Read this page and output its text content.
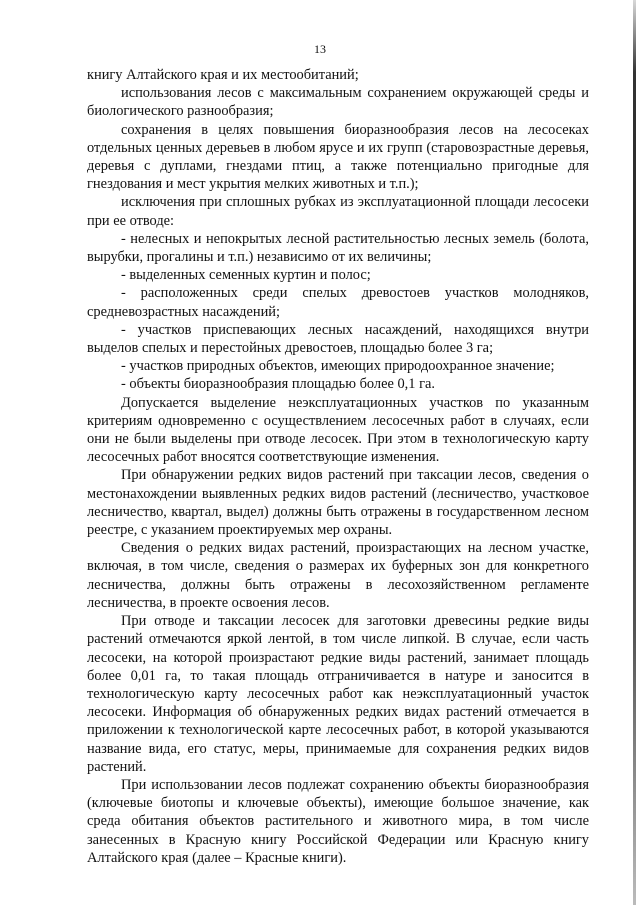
13

книгу Алтайского края и их местообитаний;

использования лесов с максимальным сохранением окружающей среды и биологического разнообразия;

сохранения в целях повышения биоразнообразия лесов на лесосеках отдельных ценных деревьев в любом ярусе и их групп (старовозрастные деревья, деревья с дуплами, гнездами птиц, а также потенциально пригодные для гнездования и мест укрытия мелких животных и т.п.);

исключения при сплошных рубках из эксплуатационной площади лесосеки при ее отводе:

- нелесных и непокрытых лесной растительностью лесных земель (болота, вырубки, прогалины и т.п.) независимо от их величины;

- выделенных семенных куртин и полос;

- расположенных среди спелых древостоев участков молодняков, средневозрастных насаждений;

- участков приспевающих лесных насаждений, находящихся внутри выделов спелых и перестойных древостоев, площадью более 3 га;

- участков природных объектов, имеющих природоохранное значение;

- объекты биоразнообразия площадью более 0,1 га.

Допускается выделение неэксплуатационных участков по указанным критериям одновременно с осуществлением лесосечных работ в случаях, если они не были выделены при отводе лесосек. При этом в технологическую карту лесосечных работ вносятся соответствующие изменения.

При обнаружении редких видов растений при таксации лесов, сведения о местонахождении выявленных редких видов растений (лесничество, участковое лесничество, квартал, выдел) должны быть отражены в государственном лесном реестре, с указанием проектируемых мер охраны.

Сведения о редких видах растений, произрастающих на лесном участке, включая, в том числе, сведения о размерах их буферных зон для конкретного лесничества, должны быть отражены в лесохозяйственном регламенте лесничества, в проекте освоения лесов.

При отводе и таксации лесосек для заготовки древесины редкие виды растений отмечаются яркой лентой, в том числе липкой. В случае, если часть лесосеки, на которой произрастают редкие виды растений, занимает площадь более 0,01 га, то такая площадь отграничивается в натуре и заносится в технологическую карту лесосечных работ как неэксплуатационный участок лесосеки. Информация об обнаруженных редких видах растений отмечается в приложении к технологической карте лесосечных работ, в которой указываются название вида, его статус, меры, принимаемые для сохранения редких видов растений.

При использовании лесов подлежат сохранению объекты биоразнообразия (ключевые биотопы и ключевые объекты), имеющие большое значение, как среда обитания объектов растительного и животного мира, в том числе занесенных в Красную книгу Российской Федерации или Красную книгу Алтайского края (далее – Красные книги).
